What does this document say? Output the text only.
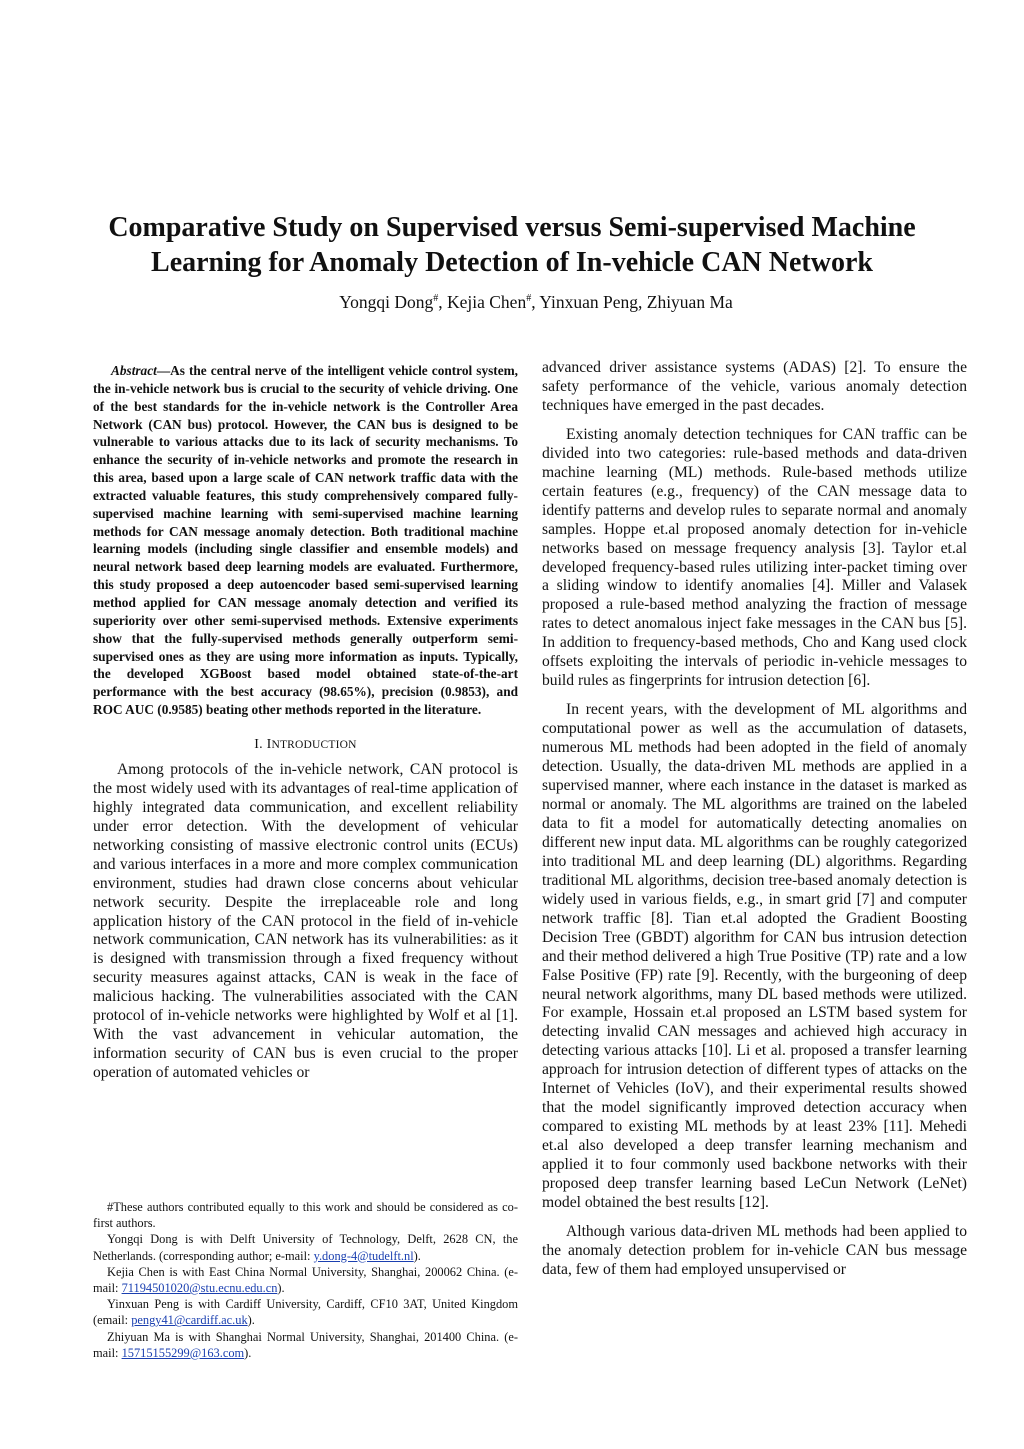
Comparative Study on Supervised versus Semi-supervised Machine Learning for Anomaly Detection of In-vehicle CAN Network
Yongqi Dong#, Kejia Chen#, Yinxuan Peng, Zhiyuan Ma

Abstract—As the central nerve of the intelligent vehicle control system, the in-vehicle network bus is crucial to the security of vehicle driving. One of the best standards for the in-vehicle network is the Controller Area Network (CAN bus) protocol. However, the CAN bus is designed to be vulnerable to various attacks due to its lack of security mechanisms. To enhance the security of in-vehicle networks and promote the research in this area, based upon a large scale of CAN network traffic data with the extracted valuable features, this study comprehensively compared fully-supervised machine learning with semi-supervised machine learning methods for CAN message anomaly detection. Both traditional machine learning models (including single classifier and ensemble models) and neural network based deep learning models are evaluated. Furthermore, this study proposed a deep autoencoder based semi-supervised learning method applied for CAN message anomaly detection and verified its superiority over other semi-supervised methods. Extensive experiments show that the fully-supervised methods generally outperform semi-supervised ones as they are using more information as inputs. Typically, the developed XGBoost based model obtained state-of-the-art performance with the best accuracy (98.65%), precision (0.9853), and ROC AUC (0.9585) beating other methods reported in the literature.

I. INTRODUCTION

Among protocols of the in-vehicle network, CAN protocol is the most widely used with its advantages of real-time application of highly integrated data communication, and excellent reliability under error detection. With the development of vehicular networking consisting of massive electronic control units (ECUs) and various interfaces in a more and more complex communication environment, studies had drawn close concerns about vehicular network security. Despite the irreplaceable role and long application history of the CAN protocol in the field of in-vehicle network communication, CAN network has its vulnerabilities: as it is designed with transmission through a fixed frequency without security measures against attacks, CAN is weak in the face of malicious hacking. The vulnerabilities associated with the CAN protocol of in-vehicle networks were highlighted by Wolf et al [1]. With the vast advancement in vehicular automation, the information security of CAN bus is even crucial to the proper operation of automated vehicles or

advanced driver assistance systems (ADAS) [2]. To ensure the safety performance of the vehicle, various anomaly detection techniques have emerged in the past decades.

Existing anomaly detection techniques for CAN traffic can be divided into two categories: rule-based methods and data-driven machine learning (ML) methods. Rule-based methods utilize certain features (e.g., frequency) of the CAN message data to identify patterns and develop rules to separate normal and anomaly samples. Hoppe et.al proposed anomaly detection for in-vehicle networks based on message frequency analysis [3]. Taylor et.al developed frequency-based rules utilizing inter-packet timing over a sliding window to identify anomalies [4]. Miller and Valasek proposed a rule-based method analyzing the fraction of message rates to detect anomalous inject fake messages in the CAN bus [5]. In addition to frequency-based methods, Cho and Kang used clock offsets exploiting the intervals of periodic in-vehicle messages to build rules as fingerprints for intrusion detection [6].

In recent years, with the development of ML algorithms and computational power as well as the accumulation of datasets, numerous ML methods had been adopted in the field of anomaly detection. Usually, the data-driven ML methods are applied in a supervised manner, where each instance in the dataset is marked as normal or anomaly. The ML algorithms are trained on the labeled data to fit a model for automatically detecting anomalies on different new input data. ML algorithms can be roughly categorized into traditional ML and deep learning (DL) algorithms. Regarding traditional ML algorithms, decision tree-based anomaly detection is widely used in various fields, e.g., in smart grid [7] and computer network traffic [8]. Tian et.al adopted the Gradient Boosting Decision Tree (GBDT) algorithm for CAN bus intrusion detection and their method delivered a high True Positive (TP) rate and a low False Positive (FP) rate [9]. Recently, with the burgeoning of deep neural network algorithms, many DL based methods were utilized. For example, Hossain et.al proposed an LSTM based system for detecting invalid CAN messages and achieved high accuracy in detecting various attacks [10]. Li et al. proposed a transfer learning approach for intrusion detection of different types of attacks on the Internet of Vehicles (IoV), and their experimental results showed that the model significantly improved detection accuracy when compared to existing ML methods by at least 23% [11]. Mehedi et.al also developed a deep transfer learning mechanism and applied it to four commonly used backbone networks with their proposed deep transfer learning based LeCun Network (LeNet) model obtained the best results [12].

Although various data-driven ML methods had been applied to the anomaly detection problem for in-vehicle CAN bus message data, few of them had employed unsupervised or

#These authors contributed equally to this work and should be considered as co-first authors.

Yongqi Dong is with Delft University of Technology, Delft, 2628 CN, the Netherlands. (corresponding author; e-mail: y.dong-4@tudelft.nl).

Kejia Chen is with East China Normal University, Shanghai, 200062 China. (e-mail: 71194501020@stu.ecnu.edu.cn).

Yinxuan Peng is with Cardiff University, Cardiff, CF10 3AT, United Kingdom (email: pengy41@cardiff.ac.uk).

Zhiyuan Ma is with Shanghai Normal University, Shanghai, 201400 China. (e-mail: 15715155299@163.com).
